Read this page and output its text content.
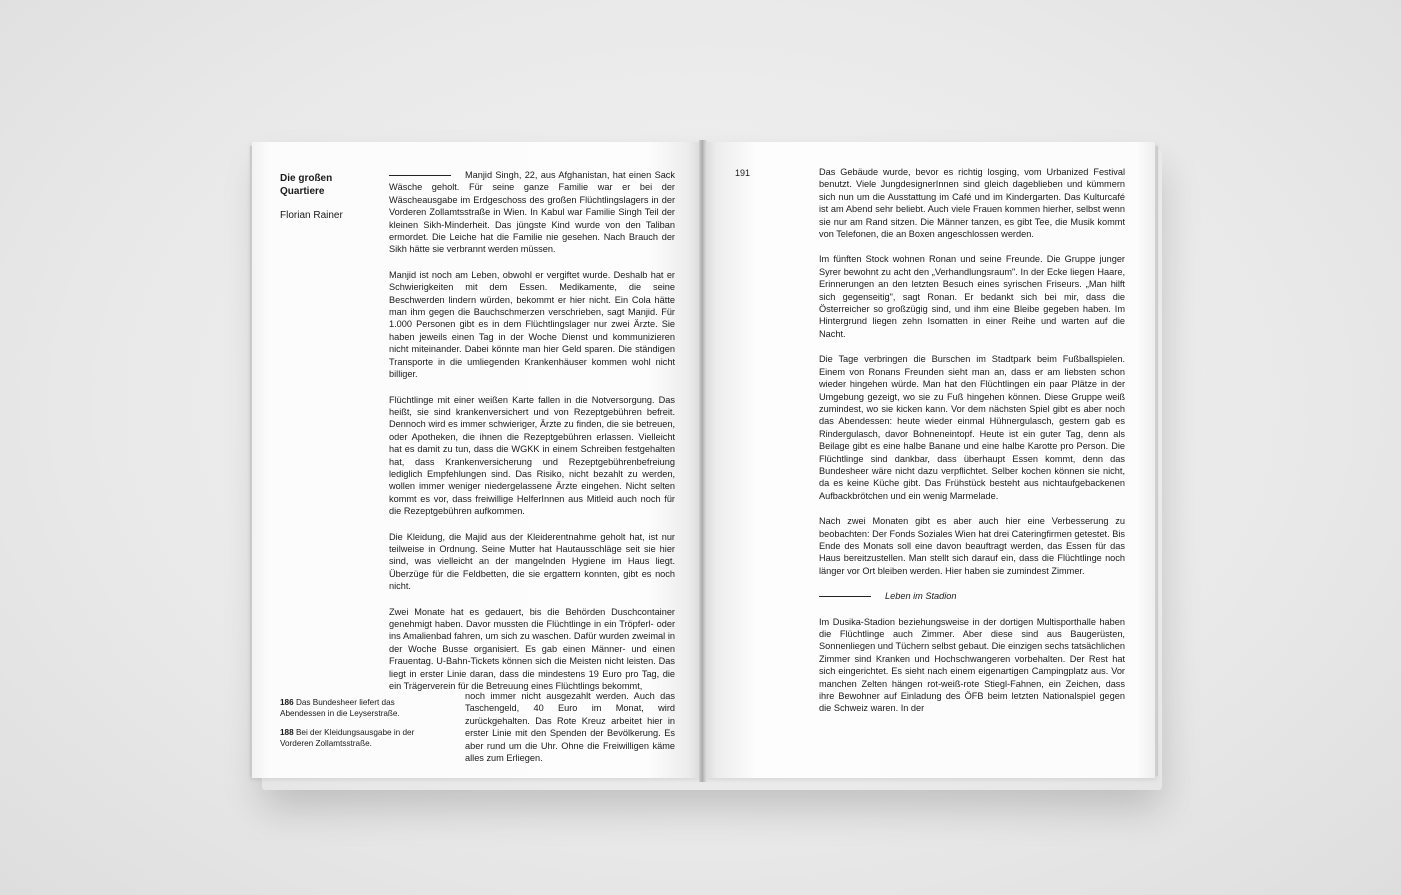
Die großen Quartiere
Florian Rainer

Manjid Singh, 22, aus Afghanistan, hat einen Sack Wäsche geholt. Für seine ganze Familie war er bei der Wäscheausgabe im Erdgeschoss des großen Flüchtlingslagers in der Vorderen Zollamtsstraße in Wien. In Kabul war Familie Singh Teil der kleinen Sikh-Minderheit. Das jüngste Kind wurde von den Taliban ermordet. Die Leiche hat die Familie nie gesehen. Nach Brauch der Sikh hätte sie verbrannt werden müssen.

Manjid ist noch am Leben, obwohl er vergiftet wurde. Deshalb hat er Schwierigkeiten mit dem Essen. Medikamente, die seine Beschwerden lindern würden, bekommt er hier nicht. Ein Cola hätte man ihm gegen die Bauchschmerzen verschrieben, sagt Manjid. Für 1.000 Personen gibt es in dem Flüchtlingslager nur zwei Ärzte. Sie haben jeweils einen Tag in der Woche Dienst und kommunizieren nicht miteinander. Dabei könnte man hier Geld sparen. Die ständigen Transporte in die umliegenden Krankenhäuser kommen wohl nicht billiger.

Flüchtlinge mit einer weißen Karte fallen in die Notversorgung. Das heißt, sie sind krankenversichert und von Rezeptgebühren befreit. Dennoch wird es immer schwieriger, Ärzte zu finden, die sie betreuen, oder Apotheken, die ihnen die Rezeptgebühren erlassen. Vielleicht hat es damit zu tun, dass die WGKK in einem Schreiben festgehalten hat, dass Krankenversicherung und Rezeptgebührenbefreiung lediglich Empfehlungen sind. Das Risiko, nicht bezahlt zu werden, wollen immer weniger niedergelassene Ärzte eingehen. Nicht selten kommt es vor, dass freiwillige HelferInnen aus Mitleid auch noch für die Rezeptgebühren aufkommen.

Die Kleidung, die Majid aus der Kleiderentnahme geholt hat, ist nur teilweise in Ordnung. Seine Mutter hat Hautausschläge seit sie hier sind, was vielleicht an der mangelnden Hygiene im Haus liegt. Überzüge für die Feldbetten, die sie ergattern konnten, gibt es noch nicht.

Zwei Monate hat es gedauert, bis die Behörden Duschcontainer genehmigt haben. Davor mussten die Flüchtlinge in ein Tröpferl- oder ins Amalienbad fahren, um sich zu waschen. Dafür wurden zweimal in der Woche Busse organisiert. Es gab einen Männer- und einen Frauentag. U-Bahn-Tickets können sich die Meisten nicht leisten. Das liegt in erster Linie daran, dass die mindestens 19 Euro pro Tag, die ein Trägerverein für die Betreuung eines Flüchtlings bekommt,

noch immer nicht ausgezahlt werden. Auch das Taschengeld, 40 Euro im Monat, wird zurückgehalten. Das Rote Kreuz arbeitet hier in erster Linie mit den Spenden der Bevölkerung. Es aber rund um die Uhr. Ohne die Freiwilligen käme alles zum Erliegen.

186 Das Bundesheer liefert das Abendessen in die Leyserstraße.

188 Bei der Kleidungsausgabe in der Vorderen Zollamtsstraße.

191	Das Gebäude wurde, bevor es richtig losging, vom Urbanized Festival benutzt. Viele JungdesignerInnen sind gleich dageblieben und kümmern sich nun um die Ausstattung im Café und im Kindergarten. Das Kulturcafé ist am Abend sehr beliebt. Auch viele Frauen kommen hierher, selbst wenn sie nur am Rand sitzen. Die Männer tanzen, es gibt Tee, die Musik kommt von Telefonen, die an Boxen angeschlossen werden.

Im fünften Stock wohnen Ronan und seine Freunde. Die Gruppe junger Syrer bewohnt zu acht den „Verhandlungsraum". In der Ecke liegen Haare, Erinnerungen an den letzten Besuch eines syrischen Friseurs. „Man hilft sich gegenseitig", sagt Ronan. Er bedankt sich bei mir, dass die Österreicher so großzügig sind, und ihm eine Bleibe gegeben haben. Im Hintergrund liegen zehn Isomatten in einer Reihe und warten auf die Nacht.

Die Tage verbringen die Burschen im Stadtpark beim Fußballspielen. Einem von Ronans Freunden sieht man an, dass er am liebsten schon wieder hingehen würde. Man hat den Flüchtlingen ein paar Plätze in der Umgebung gezeigt, wo sie zu Fuß hingehen können. Diese Gruppe weiß zumindest, wo sie kicken kann. Vor dem nächsten Spiel gibt es aber noch das Abendessen: heute wieder einmal Hühnergulasch, gestern gab es Rindergulasch, davor Bohneneintopf. Heute ist ein guter Tag, denn als Beilage gibt es eine halbe Banane und eine halbe Karotte pro Person. Die Flüchtlinge sind dankbar, dass überhaupt Essen kommt, denn das Bundesheer wäre nicht dazu verpflichtet. Selber kochen können sie nicht, da es keine Küche gibt. Das Frühstück besteht aus nichtaufgebackenen Aufbackbrötchen und ein wenig Marmelade.

Nach zwei Monaten gibt es aber auch hier eine Verbesserung zu beobachten: Der Fonds Soziales Wien hat drei Cateringfirmen getestet. Bis Ende des Monats soll eine davon beauftragt werden, das Essen für das Haus bereitzustellen. Man stellt sich darauf ein, dass die Flüchtlinge noch länger vor Ort bleiben werden. Hier haben sie zumindest Zimmer.

Leben im Stadion

Im Dusika-Stadion beziehungsweise in der dortigen Multisporthalle haben die Flüchtlinge auch Zimmer. Aber diese sind aus Baugerüsten, Sonnenliegen und Tüchern selbst gebaut. Die einzigen sechs tatsächlichen Zimmer sind Kranken und Hochschwangeren vorbehalten. Der Rest hat sich eingerichtet. Es sieht nach einem eigenartigen Campingplatz aus. Vor manchen Zelten hängen rot-weiß-rote Stiegl-Fahnen, ein Zeichen, dass ihre Bewohner auf Einladung des ÖFB beim letzten Nationalspiel gegen die Schweiz waren. In der
